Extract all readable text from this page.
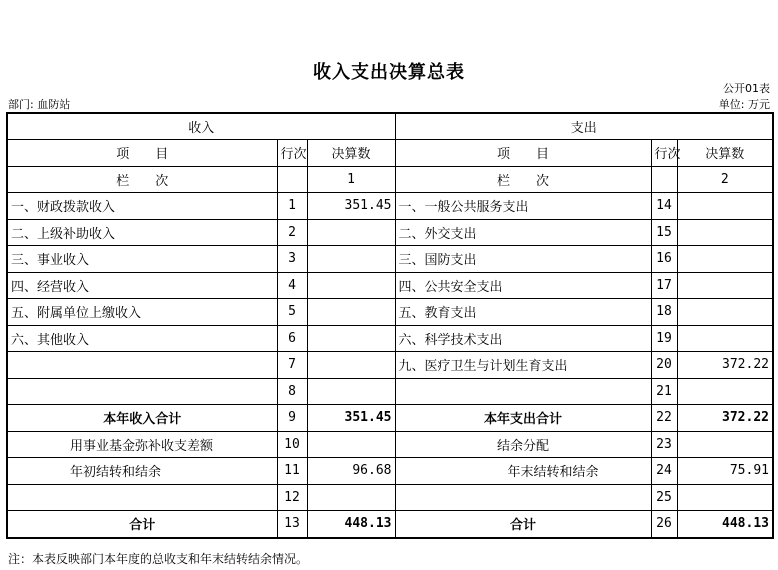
收入支出决算总表
公开01表
部门: 血防站	单位: 万元
收入			支出		
项　　目	行次	决算数	项　　目	行次	决算数
栏　　次		1	栏　　次		2
一、财政拨款收入	1	351.45	一、一般公共服务支出	14	
二、上级补助收入	2		二、外交支出	15	
三、事业收入	3		三、国防支出	16	
四、经营收入	4		四、公共安全支出	17	
五、附属单位上缴收入	5		五、教育支出	18	
六、其他收入	6		六、科学技术支出	19	
	7		九、医疗卫生与计划生育支出	20	372.22
	8			21	
本年收入合计	9	351.45	本年支出合计	22	372.22
用事业基金弥补收支差额	10		结余分配	23	
年初结转和结余	11	96.68	年末结转和结余	24	75.91
	12			25	
合计	13	448.13	合计	26	448.13
注：本表反映部门本年度的总收支和年末结转结余情况。
